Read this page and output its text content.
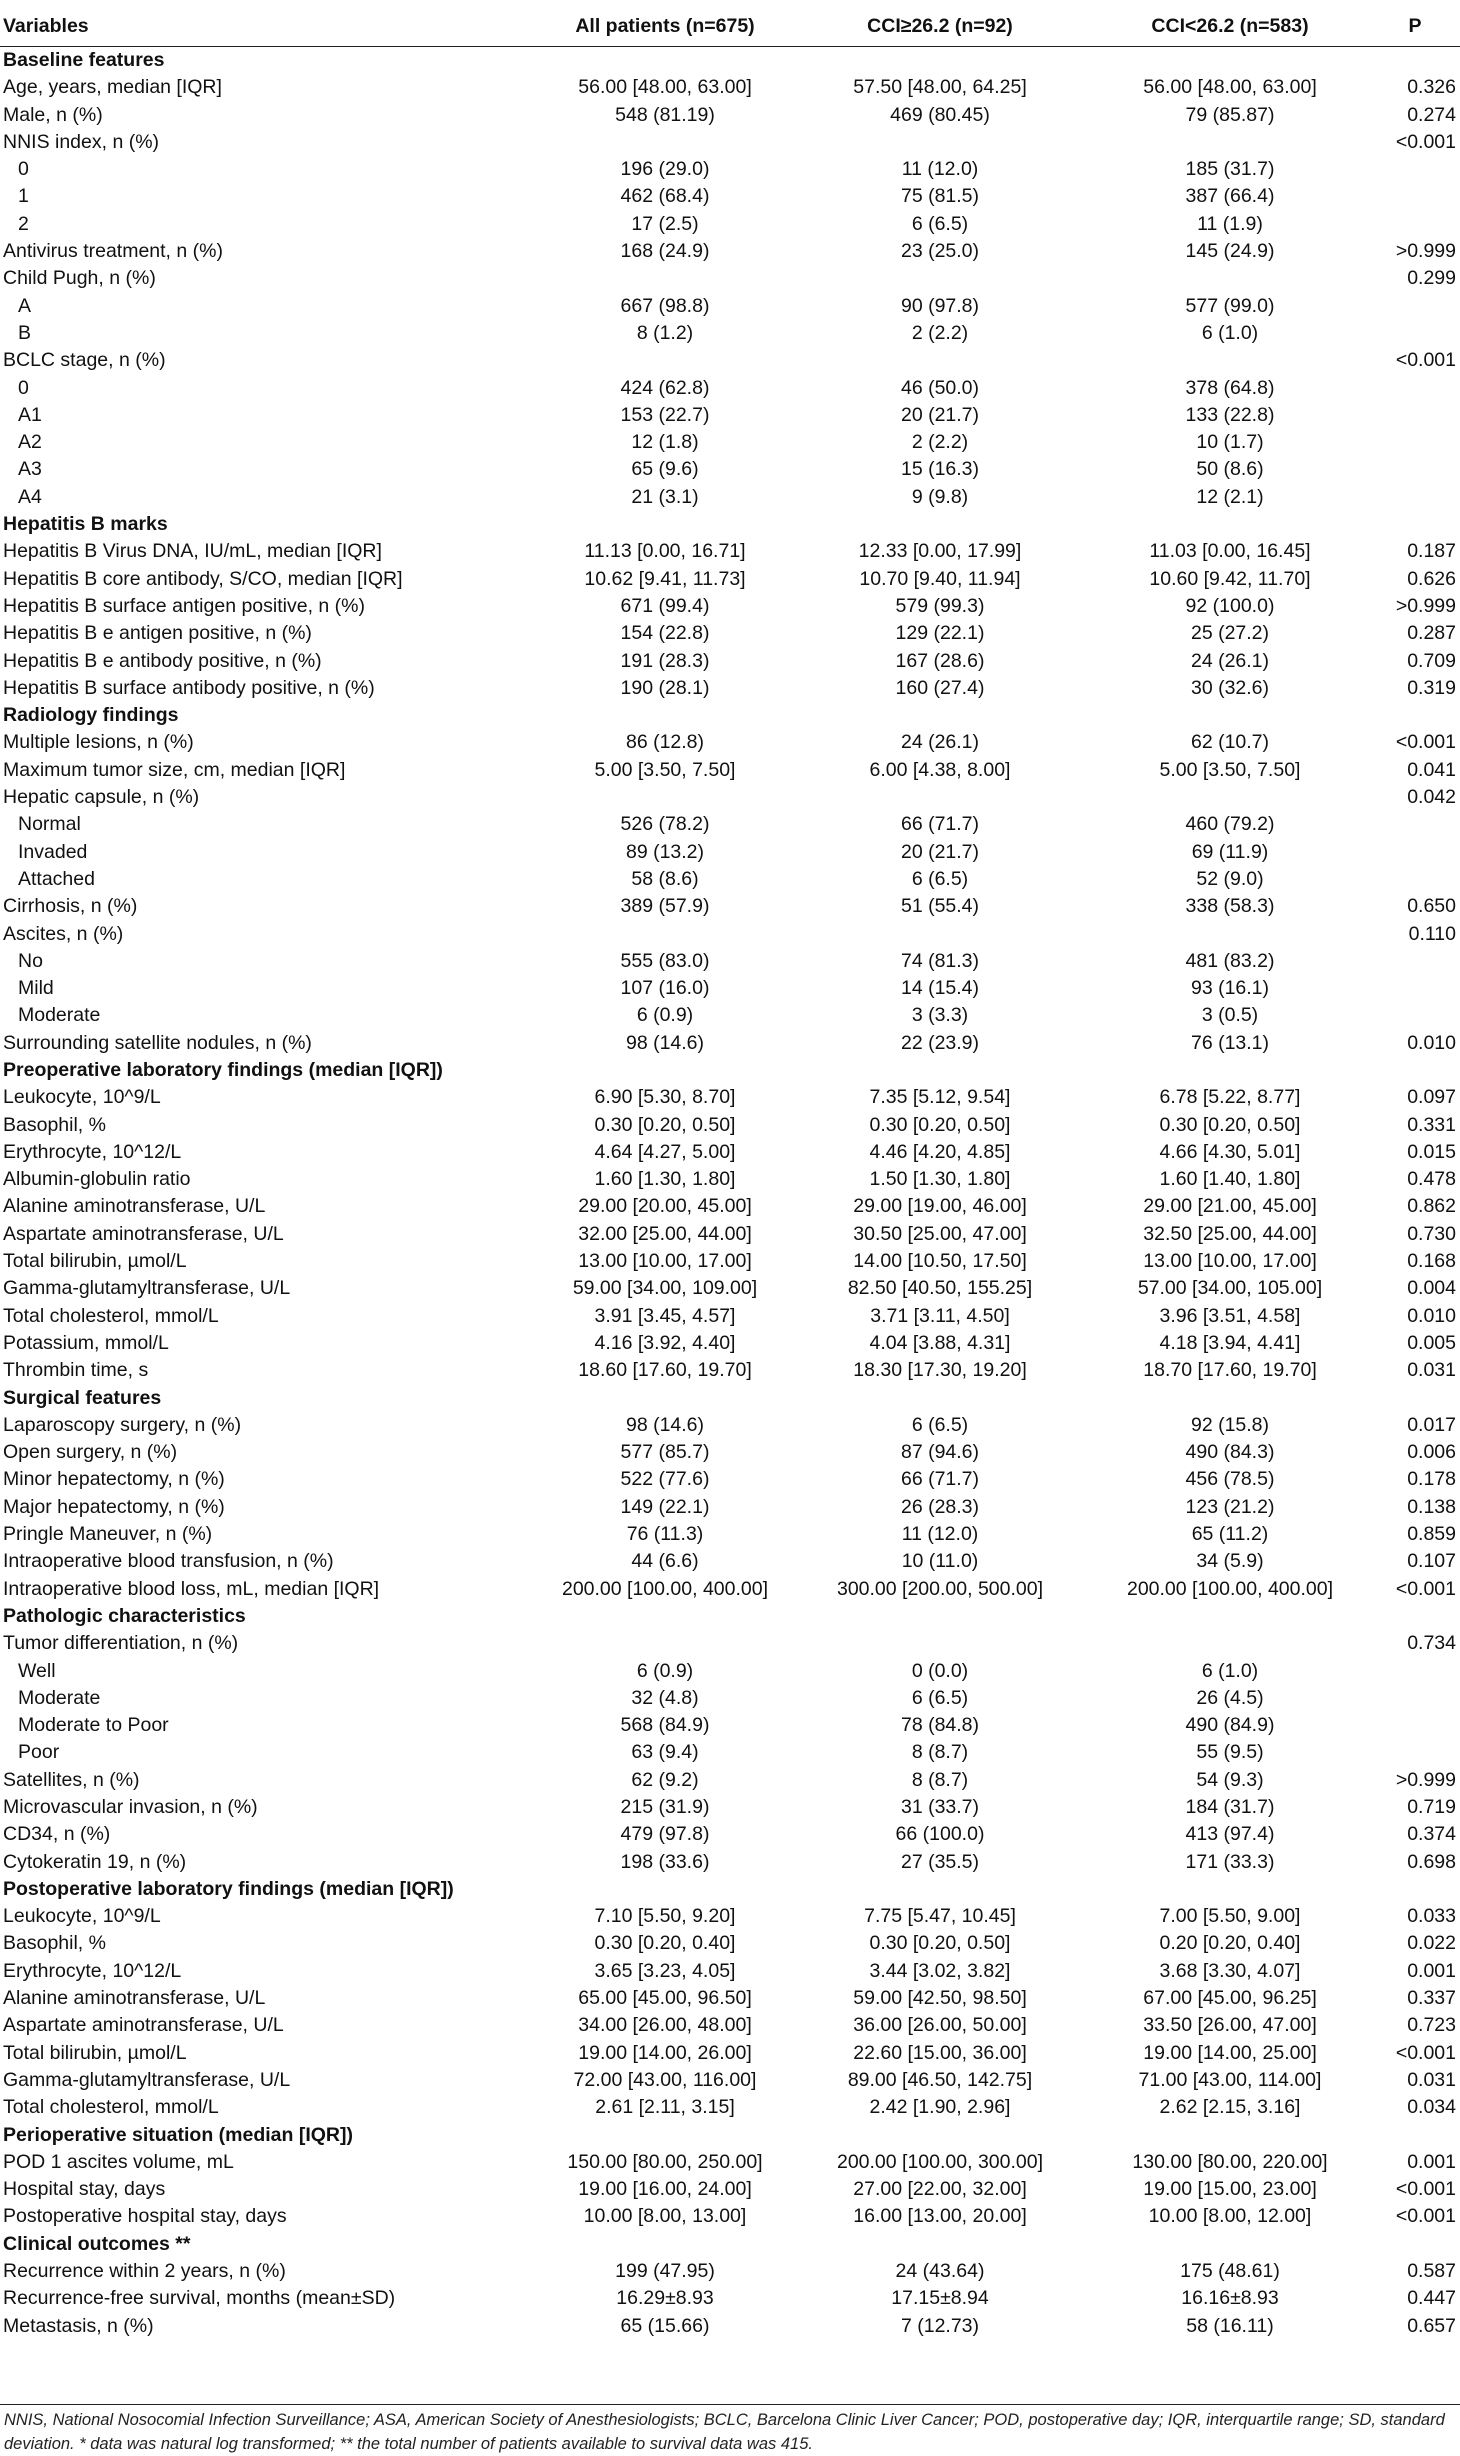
Variables	All patients (n=675)	CCI≥26.2 (n=92)	CCI<26.2 (n=583)	P
Baseline features				
Age, years, median [IQR]	56.00 [48.00, 63.00]	57.50 [48.00, 64.25]	56.00 [48.00, 63.00]	0.326
Male, n (%)	548 (81.19)	469 (80.45)	79 (85.87)	0.274
NNIS index, n (%)				<0.001
0	196 (29.0)	11 (12.0)	185 (31.7)	
1	462 (68.4)	75 (81.5)	387 (66.4)	
2	17 (2.5)	6 (6.5)	11 (1.9)	
Antivirus treatment, n (%)	168 (24.9)	23 (25.0)	145 (24.9)	>0.999
Child Pugh, n (%)				0.299
A	667 (98.8)	90 (97.8)	577 (99.0)	
B	8 (1.2)	2 (2.2)	6 (1.0)	
BCLC stage, n (%)				<0.001
0	424 (62.8)	46 (50.0)	378 (64.8)	
A1	153 (22.7)	20 (21.7)	133 (22.8)	
A2	12 (1.8)	2 (2.2)	10 (1.7)	
A3	65 (9.6)	15 (16.3)	50 (8.6)	
A4	21 (3.1)	9 (9.8)	12 (2.1)	
Hepatitis B marks				
Hepatitis B Virus DNA, IU/mL, median [IQR]	11.13 [0.00, 16.71]	12.33 [0.00, 17.99]	11.03 [0.00, 16.45]	0.187
Hepatitis B core antibody, S/CO, median [IQR]	10.62 [9.41, 11.73]	10.70 [9.40, 11.94]	10.60 [9.42, 11.70]	0.626
Hepatitis B surface antigen positive, n (%)	671 (99.4)	579 (99.3)	92 (100.0)	>0.999
Hepatitis B e antigen positive, n (%)	154 (22.8)	129 (22.1)	25 (27.2)	0.287
Hepatitis B e antibody positive, n (%)	191 (28.3)	167 (28.6)	24 (26.1)	0.709
Hepatitis B surface antibody positive, n (%)	190 (28.1)	160 (27.4)	30 (32.6)	0.319
Radiology findings				
Multiple lesions, n (%)	86 (12.8)	24 (26.1)	62 (10.7)	<0.001
Maximum tumor size, cm, median [IQR]	5.00 [3.50, 7.50]	6.00 [4.38, 8.00]	5.00 [3.50, 7.50]	0.041
Hepatic capsule, n (%)				0.042
Normal	526 (78.2)	66 (71.7)	460 (79.2)	
Invaded	89 (13.2)	20 (21.7)	69 (11.9)	
Attached	58 (8.6)	6 (6.5)	52 (9.0)	
Cirrhosis, n (%)	389 (57.9)	51 (55.4)	338 (58.3)	0.650
Ascites, n (%)				0.110
No	555 (83.0)	74 (81.3)	481 (83.2)	
Mild	107 (16.0)	14 (15.4)	93 (16.1)	
Moderate	6 (0.9)	3 (3.3)	3 (0.5)	
Surrounding satellite nodules, n (%)	98 (14.6)	22 (23.9)	76 (13.1)	0.010
Preoperative laboratory findings (median [IQR])				
Leukocyte, 10^9/L	6.90 [5.30, 8.70]	7.35 [5.12, 9.54]	6.78 [5.22, 8.77]	0.097
Basophil, %	0.30 [0.20, 0.50]	0.30 [0.20, 0.50]	0.30 [0.20, 0.50]	0.331
Erythrocyte, 10^12/L	4.64 [4.27, 5.00]	4.46 [4.20, 4.85]	4.66 [4.30, 5.01]	0.015
Albumin-globulin ratio	1.60 [1.30, 1.80]	1.50 [1.30, 1.80]	1.60 [1.40, 1.80]	0.478
Alanine aminotransferase, U/L	29.00 [20.00, 45.00]	29.00 [19.00, 46.00]	29.00 [21.00, 45.00]	0.862
Aspartate aminotransferase, U/L	32.00 [25.00, 44.00]	30.50 [25.00, 47.00]	32.50 [25.00, 44.00]	0.730
Total bilirubin, µmol/L	13.00 [10.00, 17.00]	14.00 [10.50, 17.50]	13.00 [10.00, 17.00]	0.168
Gamma-glutamyltransferase, U/L	59.00 [34.00, 109.00]	82.50 [40.50, 155.25]	57.00 [34.00, 105.00]	0.004
Total cholesterol, mmol/L	3.91 [3.45, 4.57]	3.71 [3.11, 4.50]	3.96 [3.51, 4.58]	0.010
Potassium, mmol/L	4.16 [3.92, 4.40]	4.04 [3.88, 4.31]	4.18 [3.94, 4.41]	0.005
Thrombin time, s	18.60 [17.60, 19.70]	18.30 [17.30, 19.20]	18.70 [17.60, 19.70]	0.031
Surgical features				
Laparoscopy surgery, n (%)	98 (14.6)	6 (6.5)	92 (15.8)	0.017
Open surgery, n (%)	577 (85.7)	87 (94.6)	490 (84.3)	0.006
Minor hepatectomy, n (%)	522 (77.6)	66 (71.7)	456 (78.5)	0.178
Major hepatectomy, n (%)	149 (22.1)	26 (28.3)	123 (21.2)	0.138
Pringle Maneuver, n (%)	76 (11.3)	11 (12.0)	65 (11.2)	0.859
Intraoperative blood transfusion, n (%)	44 (6.6)	10 (11.0)	34 (5.9)	0.107
Intraoperative blood loss, mL, median [IQR]	200.00 [100.00, 400.00]	300.00 [200.00, 500.00]	200.00 [100.00, 400.00]	<0.001
Pathologic characteristics				
Tumor differentiation, n (%)				0.734
Well	6 (0.9)	0 (0.0)	6 (1.0)	
Moderate	32 (4.8)	6 (6.5)	26 (4.5)	
Moderate to Poor	568 (84.9)	78 (84.8)	490 (84.9)	
Poor	63 (9.4)	8 (8.7)	55 (9.5)	
Satellites, n (%)	62 (9.2)	8 (8.7)	54 (9.3)	>0.999
Microvascular invasion, n (%)	215 (31.9)	31 (33.7)	184 (31.7)	0.719
CD34, n (%)	479 (97.8)	66 (100.0)	413 (97.4)	0.374
Cytokeratin 19, n (%)	198 (33.6)	27 (35.5)	171 (33.3)	0.698
Postoperative laboratory findings (median [IQR])				
Leukocyte, 10^9/L	7.10 [5.50, 9.20]	7.75 [5.47, 10.45]	7.00 [5.50, 9.00]	0.033
Basophil, %	0.30 [0.20, 0.40]	0.30 [0.20, 0.50]	0.20 [0.20, 0.40]	0.022
Erythrocyte, 10^12/L	3.65 [3.23, 4.05]	3.44 [3.02, 3.82]	3.68 [3.30, 4.07]	0.001
Alanine aminotransferase, U/L	65.00 [45.00, 96.50]	59.00 [42.50, 98.50]	67.00 [45.00, 96.25]	0.337
Aspartate aminotransferase, U/L	34.00 [26.00, 48.00]	36.00 [26.00, 50.00]	33.50 [26.00, 47.00]	0.723
Total bilirubin, µmol/L	19.00 [14.00, 26.00]	22.60 [15.00, 36.00]	19.00 [14.00, 25.00]	<0.001
Gamma-glutamyltransferase, U/L	72.00 [43.00, 116.00]	89.00 [46.50, 142.75]	71.00 [43.00, 114.00]	0.031
Total cholesterol, mmol/L	2.61 [2.11, 3.15]	2.42 [1.90, 2.96]	2.62 [2.15, 3.16]	0.034
Perioperative situation (median [IQR])				
POD 1 ascites volume, mL	150.00 [80.00, 250.00]	200.00 [100.00, 300.00]	130.00 [80.00, 220.00]	0.001
Hospital stay, days	19.00 [16.00, 24.00]	27.00 [22.00, 32.00]	19.00 [15.00, 23.00]	<0.001
Postoperative hospital stay, days	10.00 [8.00, 13.00]	16.00 [13.00, 20.00]	10.00 [8.00, 12.00]	<0.001
Clinical outcomes **				
Recurrence within 2 years, n (%)	199 (47.95)	24 (43.64)	175 (48.61)	0.587
Recurrence-free survival, months (mean±SD)	16.29±8.93	17.15±8.94	16.16±8.93	0.447
Metastasis, n (%)	65 (15.66)	7 (12.73)	58 (16.11)	0.657
NNIS, National Nosocomial Infection Surveillance; ASA, American Society of Anesthesiologists; BCLC, Barcelona Clinic Liver Cancer; POD, postoperative day; IQR, interquartile range; SD, standard deviation. * data was natural log transformed; ** the total number of patients available to survival data was 415.
